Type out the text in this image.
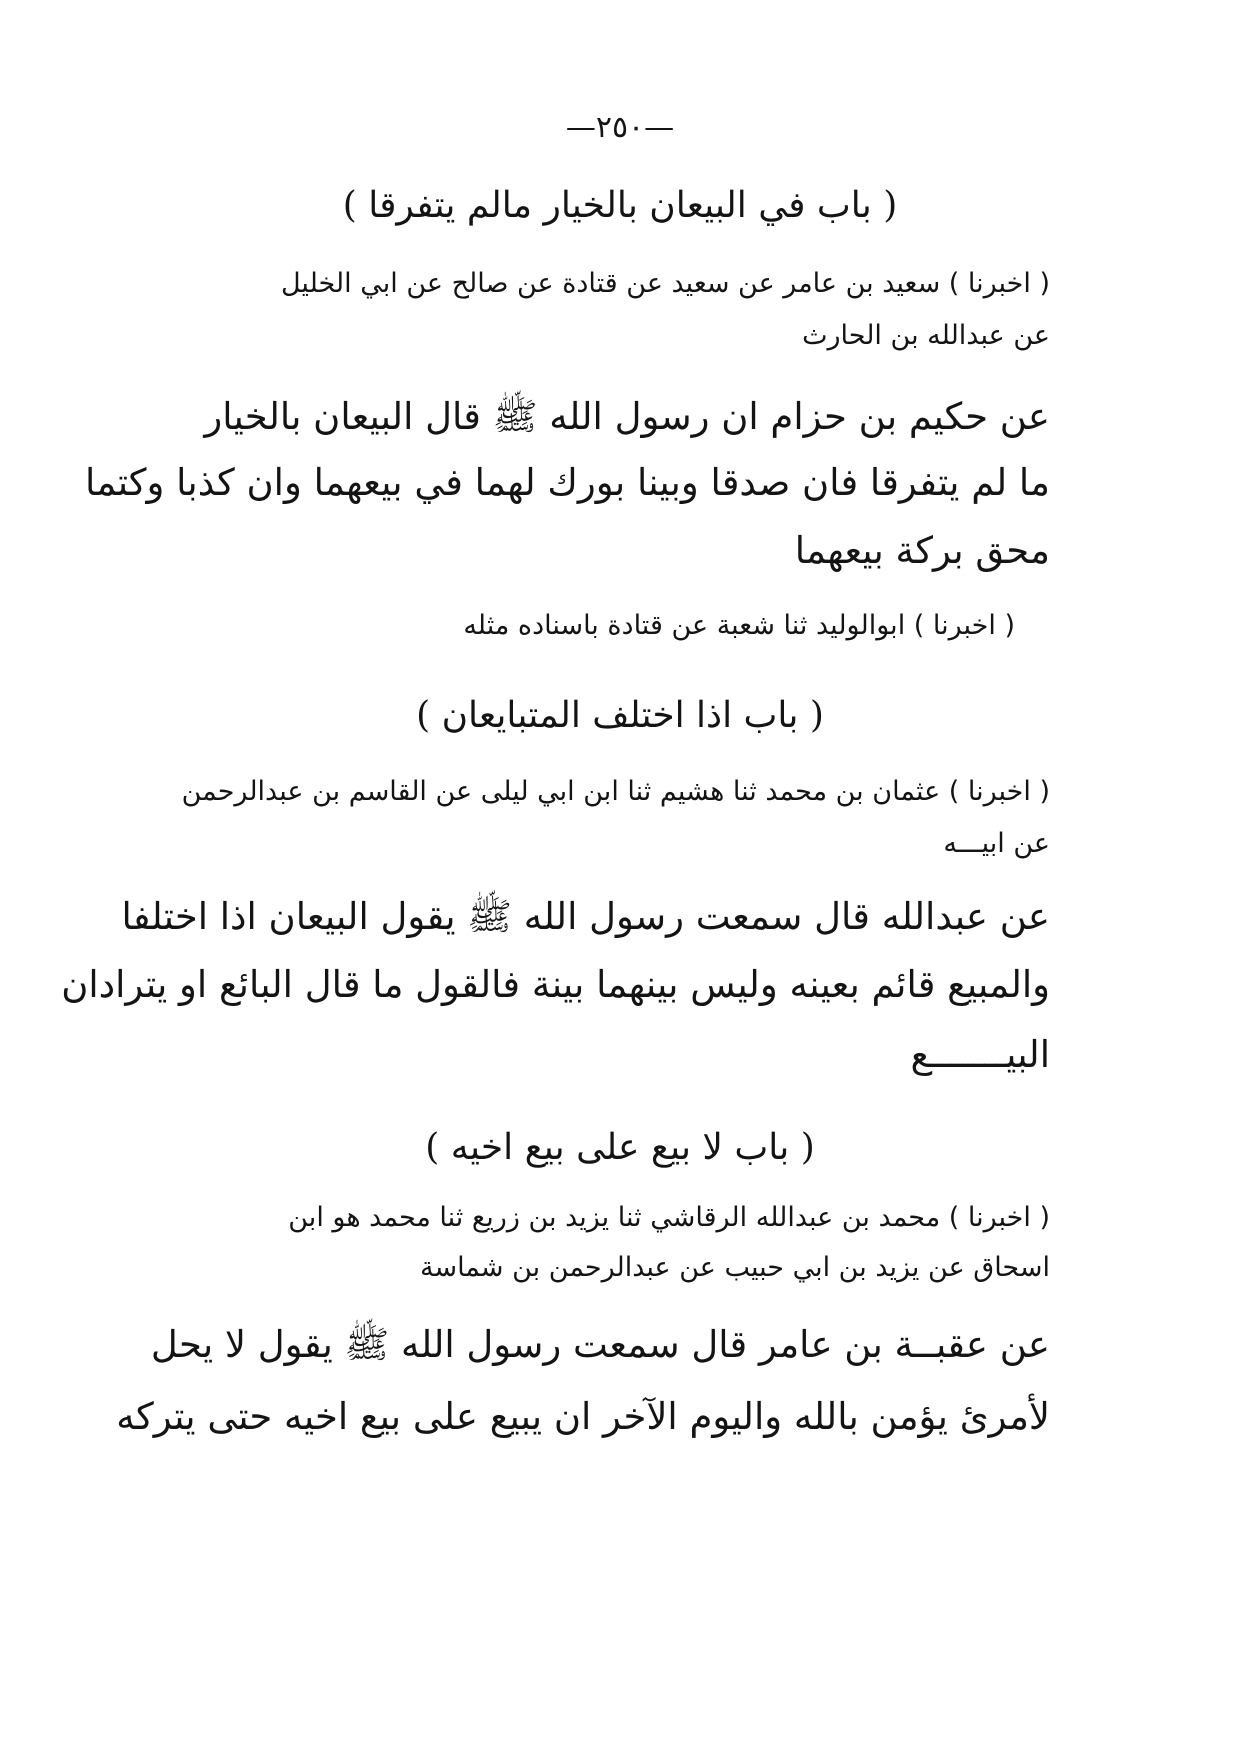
—٢٥٠—
( باب في البيعان بالخيار مالم يتفرقا )
( اخبرنا ) سعيد بن عامر عن سعيد عن قتادة عن صالح عن ابي الخليل
عن عبدالله بن الحارث
عن حكيم بن حزام ان رسول الله ﷺ قال البيعان بالخيار
ما لم يتفرقا فان صدقا وبينا بورك لهما في بيعهما وان كذبا وكتما
محق بركة بيعهما
( اخبرنا ) ابوالوليد ثنا شعبة عن قتادة باسناده مثله
( باب اذا اختلف المتبايعان )
( اخبرنا ) عثمان بن محمد ثنا هشيم ثنا ابن ابي ليلى عن القاسم بن عبدالرحمن
عن ابيـــه
عن عبدالله قال سمعت رسول الله ﷺ يقول البيعان اذا اختلفا
والمبيع قائم بعينه وليس بينهما بينة فالقول ما قال البائع او يترادان
البيـــــــع
( باب لا بيع على بيع اخيه )
( اخبرنا ) محمد بن عبدالله الرقاشي ثنا يزيد بن زريع ثنا محمد هو ابن
اسحاق عن يزيد بن ابي حبيب عن عبدالرحمن بن شماسة
عن عقبــة بن عامر قال سمعت رسول الله ﷺ يقول لا يحل
لأمرئ يؤمن بالله واليوم الآخر ان يبيع على بيع اخيه حتى يتركه
